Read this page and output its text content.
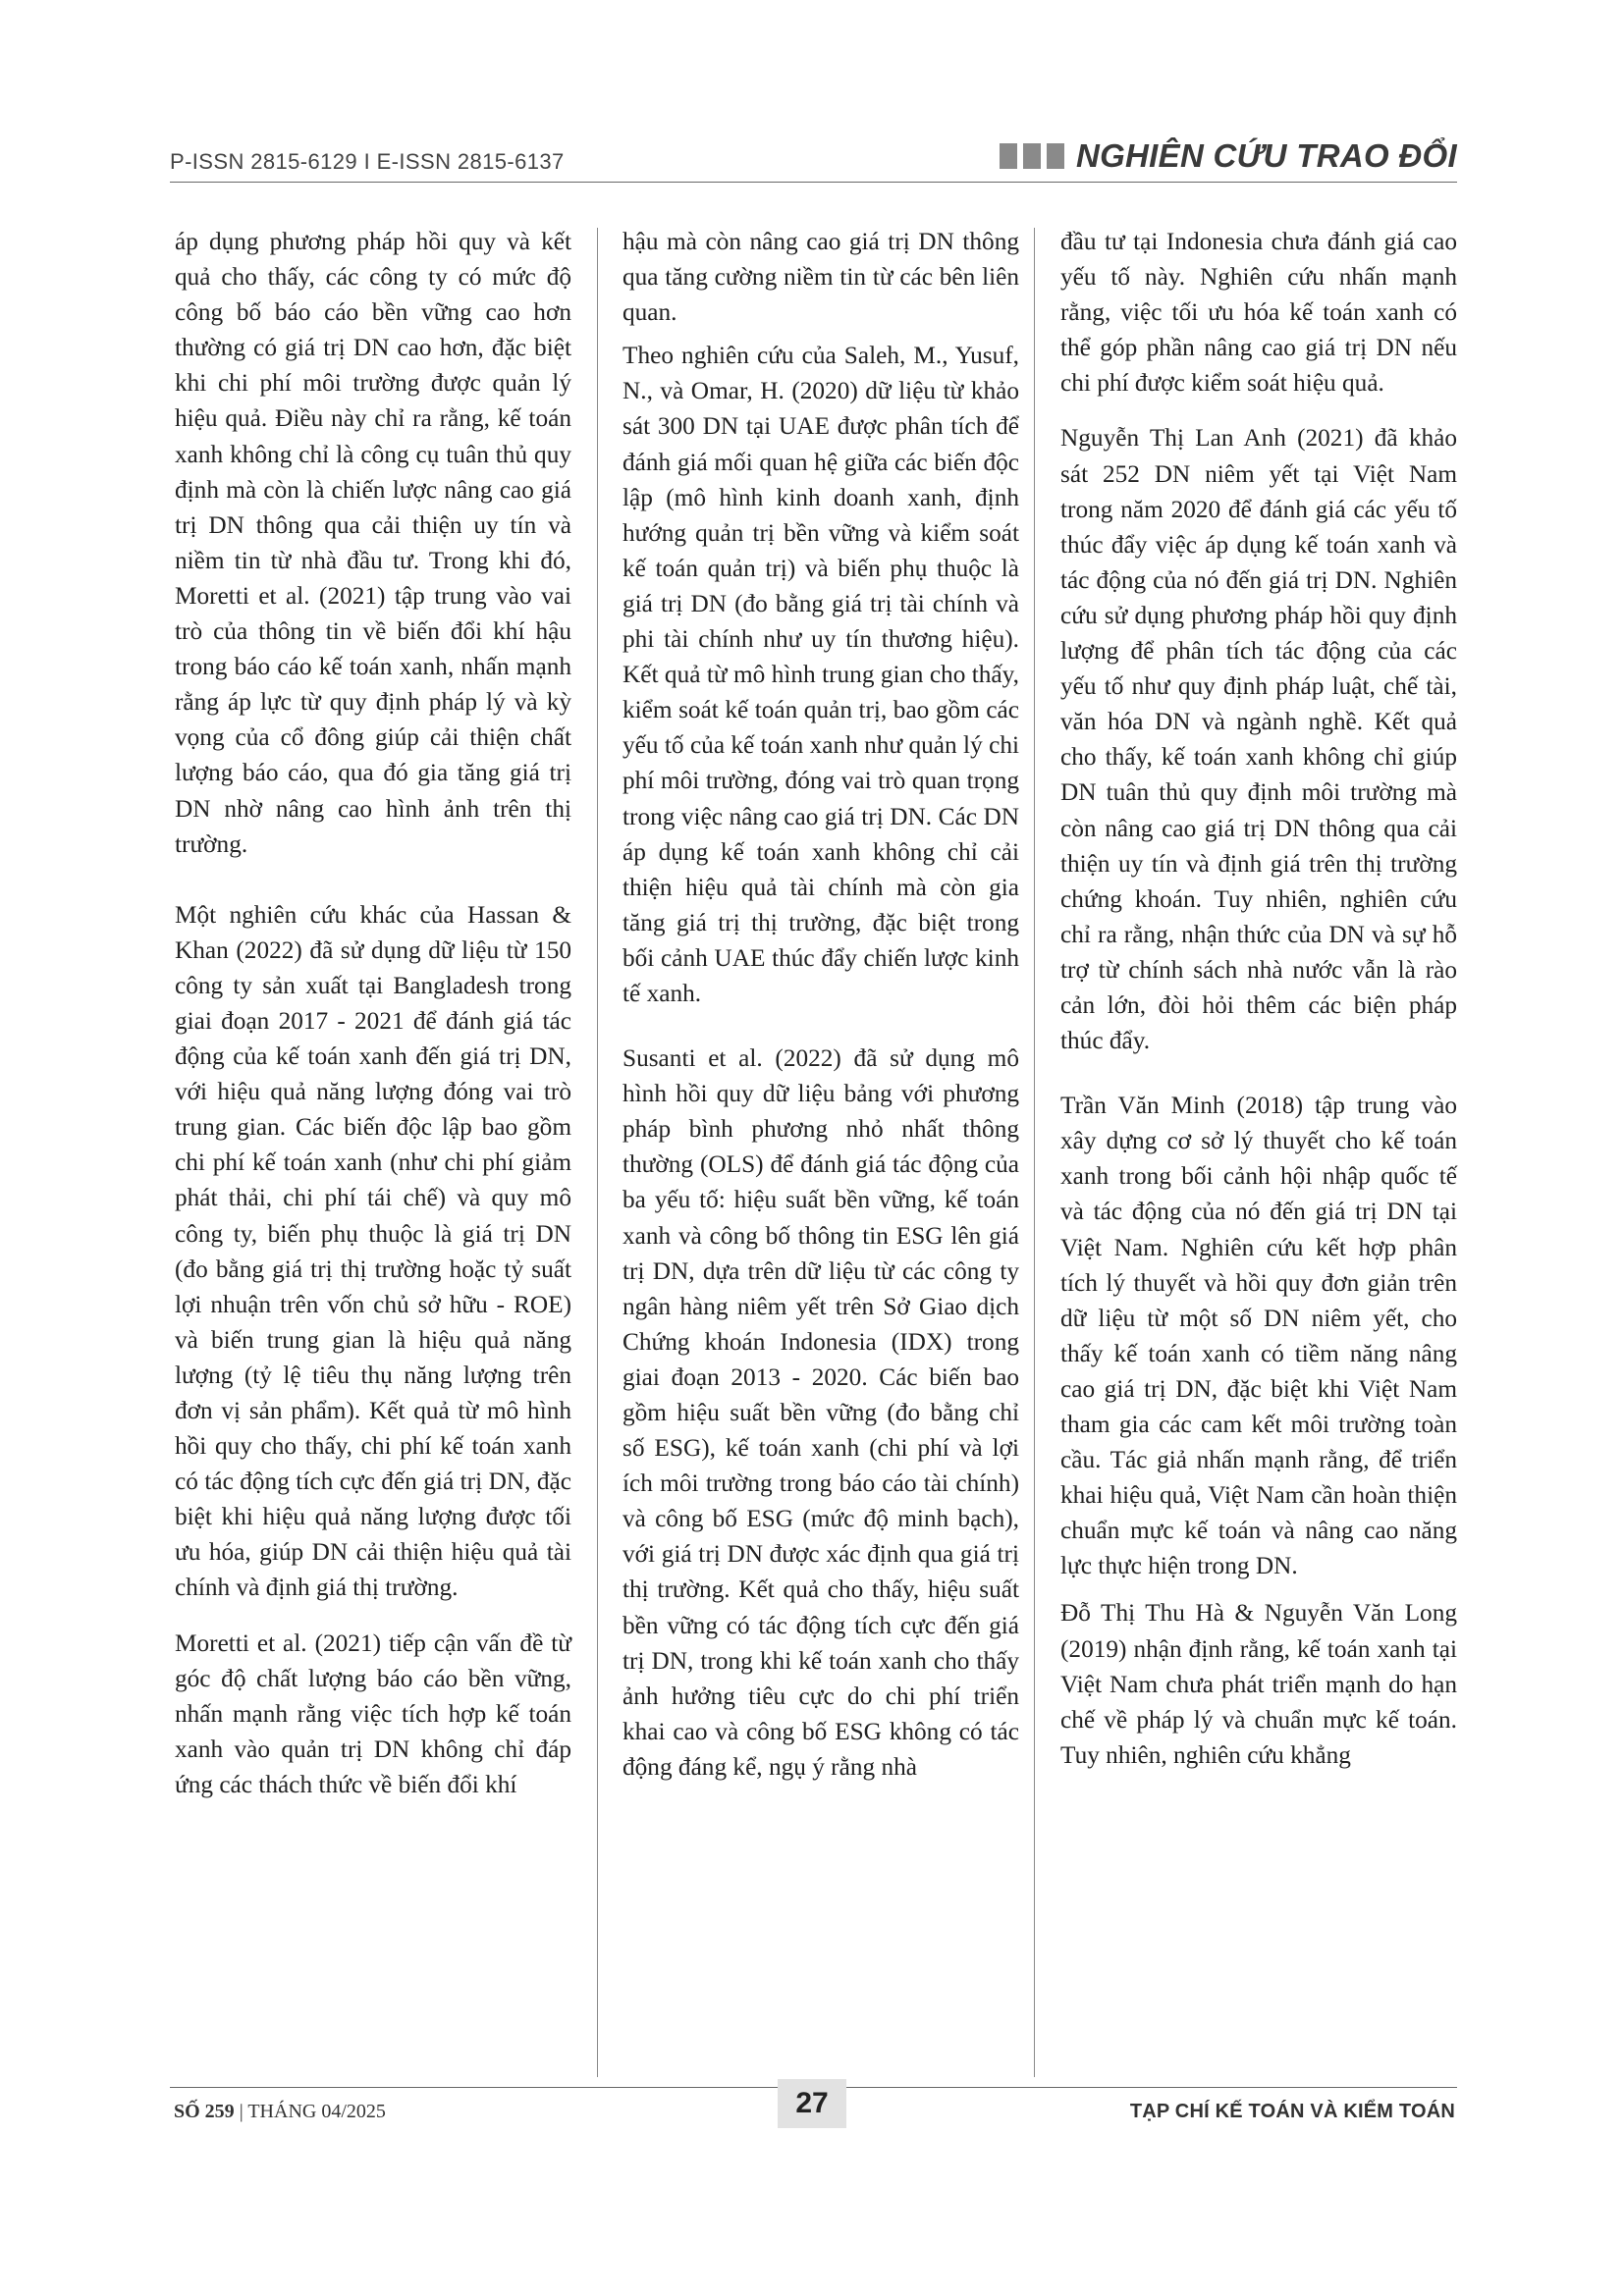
P-ISSN 2815-6129 I E-ISSN 2815-6137	NGHIÊN CỨU TRAO ĐỔI

áp dụng phương pháp hồi quy và kết quả cho thấy, các công ty có mức độ công bố báo cáo bền vững cao hơn thường có giá trị DN cao hơn, đặc biệt khi chi phí môi trường được quản lý hiệu quả. Điều này chỉ ra rằng, kế toán xanh không chỉ là công cụ tuân thủ quy định mà còn là chiến lược nâng cao giá trị DN thông qua cải thiện uy tín và niềm tin từ nhà đầu tư. Trong khi đó, Moretti et al. (2021) tập trung vào vai trò của thông tin về biến đổi khí hậu trong báo cáo kế toán xanh, nhấn mạnh rằng áp lực từ quy định pháp lý và kỳ vọng của cổ đông giúp cải thiện chất lượng báo cáo, qua đó gia tăng giá trị DN nhờ nâng cao hình ảnh trên thị trường.

Một nghiên cứu khác của Hassan & Khan (2022) đã sử dụng dữ liệu từ 150 công ty sản xuất tại Bangladesh trong giai đoạn 2017 - 2021 để đánh giá tác động của kế toán xanh đến giá trị DN, với hiệu quả năng lượng đóng vai trò trung gian. Các biến độc lập bao gồm chi phí kế toán xanh (như chi phí giảm phát thải, chi phí tái chế) và quy mô công ty, biến phụ thuộc là giá trị DN (đo bằng giá trị thị trường hoặc tỷ suất lợi nhuận trên vốn chủ sở hữu - ROE) và biến trung gian là hiệu quả năng lượng (tỷ lệ tiêu thụ năng lượng trên đơn vị sản phẩm). Kết quả từ mô hình hồi quy cho thấy, chi phí kế toán xanh có tác động tích cực đến giá trị DN, đặc biệt khi hiệu quả năng lượng được tối ưu hóa, giúp DN cải thiện hiệu quả tài chính và định giá thị trường.

Moretti et al. (2021) tiếp cận vấn đề từ góc độ chất lượng báo cáo bền vững, nhấn mạnh rằng việc tích hợp kế toán xanh vào quản trị DN không chỉ đáp ứng các thách thức về biến đổi khí

hậu mà còn nâng cao giá trị DN thông qua tăng cường niềm tin từ các bên liên quan.

Theo nghiên cứu của Saleh, M., Yusuf, N., và Omar, H. (2020) dữ liệu từ khảo sát 300 DN tại UAE được phân tích để đánh giá mối quan hệ giữa các biến độc lập (mô hình kinh doanh xanh, định hướng quản trị bền vững và kiểm soát kế toán quản trị) và biến phụ thuộc là giá trị DN (đo bằng giá trị tài chính và phi tài chính như uy tín thương hiệu). Kết quả từ mô hình trung gian cho thấy, kiểm soát kế toán quản trị, bao gồm các yếu tố của kế toán xanh như quản lý chi phí môi trường, đóng vai trò quan trọng trong việc nâng cao giá trị DN. Các DN áp dụng kế toán xanh không chỉ cải thiện hiệu quả tài chính mà còn gia tăng giá trị thị trường, đặc biệt trong bối cảnh UAE thúc đẩy chiến lược kinh tế xanh.

Susanti et al. (2022) đã sử dụng mô hình hồi quy dữ liệu bảng với phương pháp bình phương nhỏ nhất thông thường (OLS) để đánh giá tác động của ba yếu tố: hiệu suất bền vững, kế toán xanh và công bố thông tin ESG lên giá trị DN, dựa trên dữ liệu từ các công ty ngân hàng niêm yết trên Sở Giao dịch Chứng khoán Indonesia (IDX) trong giai đoạn 2013 - 2020. Các biến bao gồm hiệu suất bền vững (đo bằng chỉ số ESG), kế toán xanh (chi phí và lợi ích môi trường trong báo cáo tài chính) và công bố ESG (mức độ minh bạch), với giá trị DN được xác định qua giá trị thị trường. Kết quả cho thấy, hiệu suất bền vững có tác động tích cực đến giá trị DN, trong khi kế toán xanh cho thấy ảnh hưởng tiêu cực do chi phí triển khai cao và công bố ESG không có tác động đáng kể, ngụ ý rằng nhà

đầu tư tại Indonesia chưa đánh giá cao yếu tố này. Nghiên cứu nhấn mạnh rằng, việc tối ưu hóa kế toán xanh có thể góp phần nâng cao giá trị DN nếu chi phí được kiểm soát hiệu quả.

Nguyễn Thị Lan Anh (2021) đã khảo sát 252 DN niêm yết tại Việt Nam trong năm 2020 để đánh giá các yếu tố thúc đẩy việc áp dụng kế toán xanh và tác động của nó đến giá trị DN. Nghiên cứu sử dụng phương pháp hồi quy định lượng để phân tích tác động của các yếu tố như quy định pháp luật, chế tài, văn hóa DN và ngành nghề. Kết quả cho thấy, kế toán xanh không chỉ giúp DN tuân thủ quy định môi trường mà còn nâng cao giá trị DN thông qua cải thiện uy tín và định giá trên thị trường chứng khoán. Tuy nhiên, nghiên cứu chỉ ra rằng, nhận thức của DN và sự hỗ trợ từ chính sách nhà nước vẫn là rào cản lớn, đòi hỏi thêm các biện pháp thúc đẩy.

Trần Văn Minh (2018) tập trung vào xây dựng cơ sở lý thuyết cho kế toán xanh trong bối cảnh hội nhập quốc tế và tác động của nó đến giá trị DN tại Việt Nam. Nghiên cứu kết hợp phân tích lý thuyết và hồi quy đơn giản trên dữ liệu từ một số DN niêm yết, cho thấy kế toán xanh có tiềm năng nâng cao giá trị DN, đặc biệt khi Việt Nam tham gia các cam kết môi trường toàn cầu. Tác giả nhấn mạnh rằng, để triển khai hiệu quả, Việt Nam cần hoàn thiện chuẩn mực kế toán và nâng cao năng lực thực hiện trong DN.

Đỗ Thị Thu Hà & Nguyễn Văn Long (2019) nhận định rằng, kế toán xanh tại Việt Nam chưa phát triển mạnh do hạn chế về pháp lý và chuẩn mực kế toán. Tuy nhiên, nghiên cứu khẳng

SỐ 259 | THÁNG 04/2025	27	TẠP CHÍ KẾ TOÁN VÀ KIỂM TOÁN
